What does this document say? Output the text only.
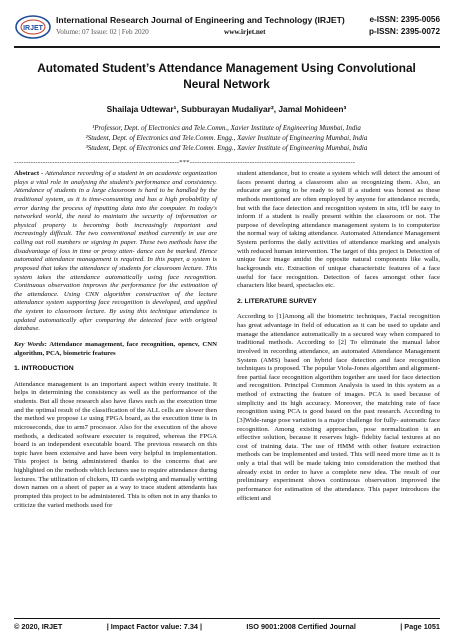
IRJET
International Research Journal of Engineering and Technology (IRJET)	e-ISSN: 2395-0056
Volume: 07 Issue: 02 | Feb 2020	www.irjet.net	p-ISSN: 2395-0072
Automated Student’s Attendance Management Using Convolutional Neural Network
Shailaja Udtewar¹, Subburayan Mudaliyar², Jamal Mohideen³
¹Professor, Dept. of Electronics and Tele.Comm., Xavier Institute of Engineering Mumbai, India
²Student, Dept. of Electronics and Tele.Comm. Engg., Xavier Institute of Engineering Mumbai, India
³Student, Dept. of Electronics and Tele.Comm. Engg., Xavier Institute of Engineering Mumbai, India
---------------------------------------------------------------------***---------------------------------------------------------------------

Abstract - Attendance recording of a student in an academic organization plays a vital role in analysing the student's performance and consistency. Attendance of students in a large classroom is hard to be handled by the traditional system, as it is time-consuming and has a high probability of error during the process of inputting data into the computer. In today's networked world, the need to maintain the security of information or physical property is becoming both increasingly important and increasingly difficult. The two conventional method currently in use are calling out roll numbers or signing in paper. These two methods have the disadvantage of loss in time or proxy atten- dance can be marked. Hence automated attendance management is required. In this paper, a system is proposed that takes the attendance of students for classroom lecture. This system takes the attendance automatically using face recognition. Continuous observation improves the performance for the estimation of the attendance. Using CNN algorithm construction of the lecture attendance system supporting face recognition is developed, and applied the system to classroom lecture. By using this technique attendance is updated automatically after comparing the detected face with original database.

Key Words: Attendance management, face recognition, opencv, CNN algorithm, PCA, biometric features

1. INTRODUCTION

Attendance management is an important aspect within every institute. It helps in determining the consistency as well as the performance of the students. But all those research also have flaws such as the execution time and the optimal result of the classification of the ALL cells are slower then the method we propose i.e using FPGA board, as the execution time is in microseconds, due to arm7 processor. Also for the execution of the above methods, a dedicated software executer is required, whereas the FPGA board is an independent executable board. The previous research on this topic have been extensive and have been very helpful in implementation. This project is being administered thanks to the concerns that are highlighted on the methods which lectures use to require attendance during lectures. The utilization of clickers, ID cards swiping and manually writing down names on a sheet of paper as a way to trace student attendants has prompted this project to be administered. This is often not in any thanks to criticize the varied methods used for

student attendance, but to create a system which will detect the amount of faces present during a classroom also as recognizing them. Also, an educator are going to be ready to tell if a student was honest as these methods mentioned are often employed by anyone for attendance records, but with the face detection and recognition system in situ, it'll be easy to inform if a student is really present within the classroom or not. The purpose of developing attendance management system is to computerize the normal way of taking attendance. Automated Attendance Management System performs the daily activities of attendance marking and analysis with reduced human intervention. The target of this project is Detection of unique face image amidst the opposite natural components like walls, backgrounds etc. Extraction of unique characteristic features of a face useful for face recognition. Detection of faces amongst other face characters like beard, spectacles etc.

2. LITERATURE SURVEY

According to [1]Among all the biometric techniques, Facial recognition has great advantage in field of education as it can be used to update and manage the attendance automatically in a secured way when compared to traditional methods. According to [2] To eliminate the manual labor involved in recording attendance, an automated Attendance Management System (AMS) based on hybrid face detection and face recognition techniques is proposed. The popular Viola-Jones algorithm and alignment- free partial face recognition algorithm together are used for face detection and recognition. Principal Common Analysis is used in this system as a method of extracting the feature of images. PCA is used because of simplicity and its high accuracy. Moreover, the matching rate of face recognition using PCA is good based on the past research. According to [3]Wide-range pose variation is a major challenge for fully- automatic face recognition. Among existing approaches, pose normalization is an effective solution, because it reserves high- fidelity facial textures at no cost of training data. The use of HMM with other feature extraction methods can be implemented and tested. This will need more time as it is only a trial that will be made taking into consideration the method that already exist in order to have a complete new idea. The result of our preliminary experiment shows continuous observation improved the performance for estimation of the attendance. This paper introduces the efficient and

© 2020, IRJET	| Impact Factor value: 7.34 |	ISO 9001:2008 Certified Journal	| Page 1051
